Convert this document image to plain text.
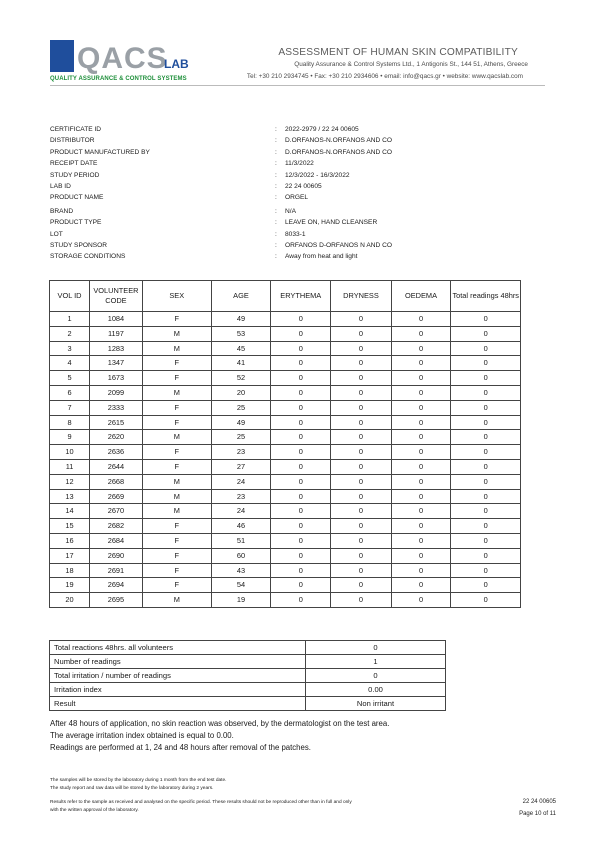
QACS
LAB
QUALITY ASSURANCE & CONTROL SYSTEMS
ASSESSMENT OF HUMAN SKIN COMPATIBILITY
Quality Assurance & Control Systems Ltd., 1 Antigonis St., 144 51, Athens, Greece
Tel: +30 210 2934745 • Fax: +30 210 2934606 • email: info@qacs.gr • website: www.qacslab.com
CERTIFICATE ID	: 2022-2979 / 22 24 00605
DISTRIBUTOR	: D.ORFANOS-N.ORFANOS AND CO
PRODUCT MANUFACTURED BY	: D.ORFANOS-N.ORFANOS AND CO
RECEIPT DATE	: 11/3/2022
STUDY PERIOD	: 12/3/2022 - 16/3/2022
LAB ID	: 22 24 00605
PRODUCT NAME	: ORGEL
BRAND	: N/A
PRODUCT TYPE	: LEAVE ON, HAND CLEANSER
LOT	: 8033-1
STUDY SPONSOR	: ORFANOS D-ORFANOS N AND CO
STORAGE CONDITIONS	: Away from heat and light
VOL ID	VOLUNTEER CODE	SEX	AGE	ERYTHEMA	DRYNESS	OEDEMA	Total readings 48hrs
1	1084	F	49	0	0	0	0
2	1197	M	53	0	0	0	0
3	1283	M	45	0	0	0	0
4	1347	F	41	0	0	0	0
5	1673	F	52	0	0	0	0
6	2099	M	20	0	0	0	0
7	2333	F	25	0	0	0	0
8	2615	F	49	0	0	0	0
9	2620	M	25	0	0	0	0
10	2636	F	23	0	0	0	0
11	2644	F	27	0	0	0	0
12	2668	M	24	0	0	0	0
13	2669	M	23	0	0	0	0
14	2670	M	24	0	0	0	0
15	2682	F	46	0	0	0	0
16	2684	F	51	0	0	0	0
17	2690	F	60	0	0	0	0
18	2691	F	43	0	0	0	0
19	2694	F	54	0	0	0	0
20	2695	M	19	0	0	0	0
Total reactions 48hrs. all volunteers	0
Number of readings	1
Total irritation / number of readings	0
Irritation index	0.00
Result	Non irritant
After 48 hours of application, no skin reaction was observed, by the dermatologist on the test area.
The average irritation index obtained is equal to 0.00.
Readings are performed at 1, 24 and 48 hours after removal of the patches.
The samples will be stored by the laboratory during 1 month from the end test date.
The study report and raw data will be stored by the laboratory during 2 years.
Results refer to the sample as received and analysed on the specific period. These results should not be reproduced other than in full and only
with the written approval of the laboratory.
22 24 00605
Page 10 of 11
